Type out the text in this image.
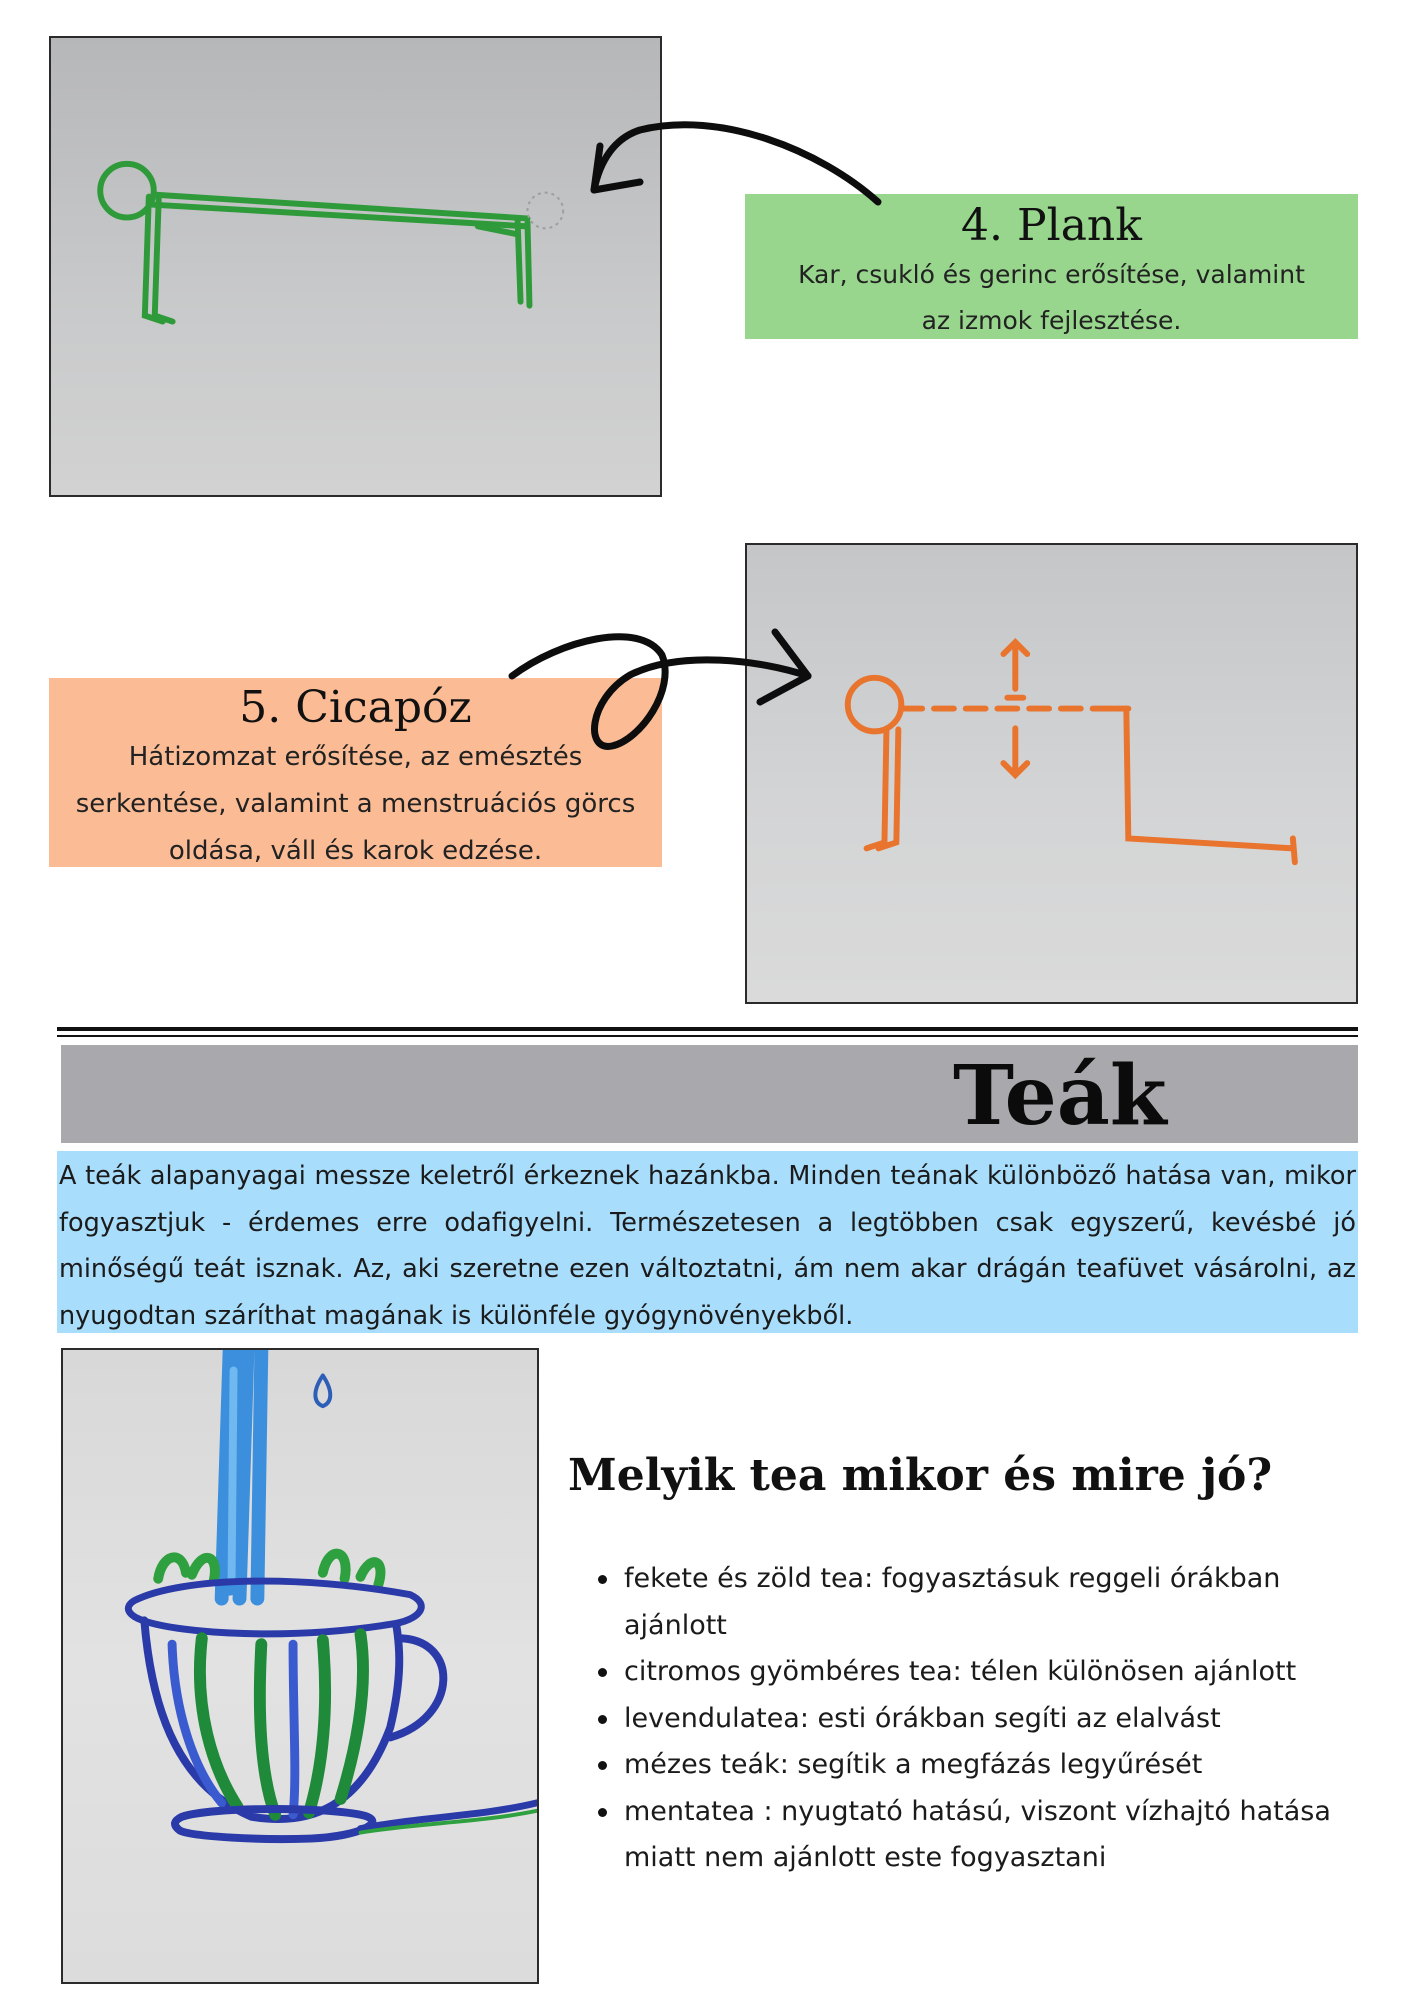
4. Plank
Kar, csukló és gerinc erősítése, valamint
az izmok fejlesztése.
5. Cicapóz
Hátizomzat erősítése, az emésztés
serkentése, valamint a menstruációs görcs
oldása, váll és karok edzése.
Teák
A teák alapanyagai messze keletről érkeznek hazánkba. Minden teának különböző hatása van, mikor fogyasztjuk - érdemes erre odafigyelni. Természetesen a legtöbben csak egyszerű, kevésbé jó minőségű teát isznak. Az, aki szeretne ezen változtatni, ám nem akar drágán teafüvet vásárolni, az nyugodtan száríthat magának is különféle gyógynövényekből.
Melyik tea mikor és mire jó?
fekete és zöld tea: fogyasztásuk reggeli órákban ajánlott
citromos gyömbéres tea: télen különösen ajánlott
levendulatea: esti órákban segíti az elalvást
mézes teák: segítik a megfázás legyűrését
mentatea : nyugtató hatású, viszont vízhajtó hatása miatt nem ajánlott este fogyasztani
